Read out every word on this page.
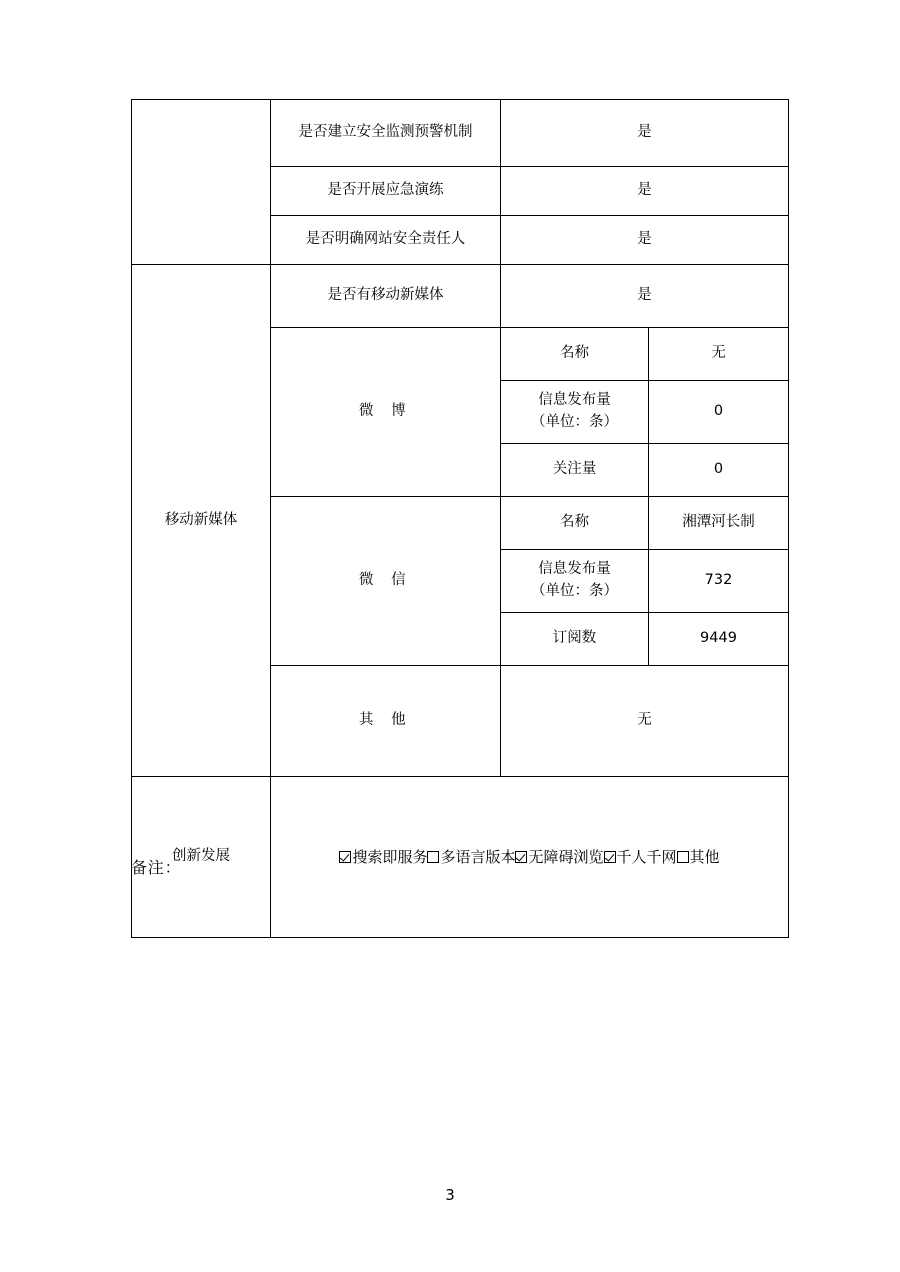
	是否建立安全监测预警机制	是	
	是否开展应急演练	是	
	是否明确网站安全责任人	是	
移动新媒体	是否有移动新媒体	是	
	微 博	名称	无

		信息发布量
（单位：条）	0
		关注量	0
	微 信	名称	湘潭河长制

		信息发布量
（单位：条）	732
		订阅数	9449
	其 他	无	
创新发展	搜索即服务 多语言版本 无障碍浏览 千人千网 其他		
备注：
3
